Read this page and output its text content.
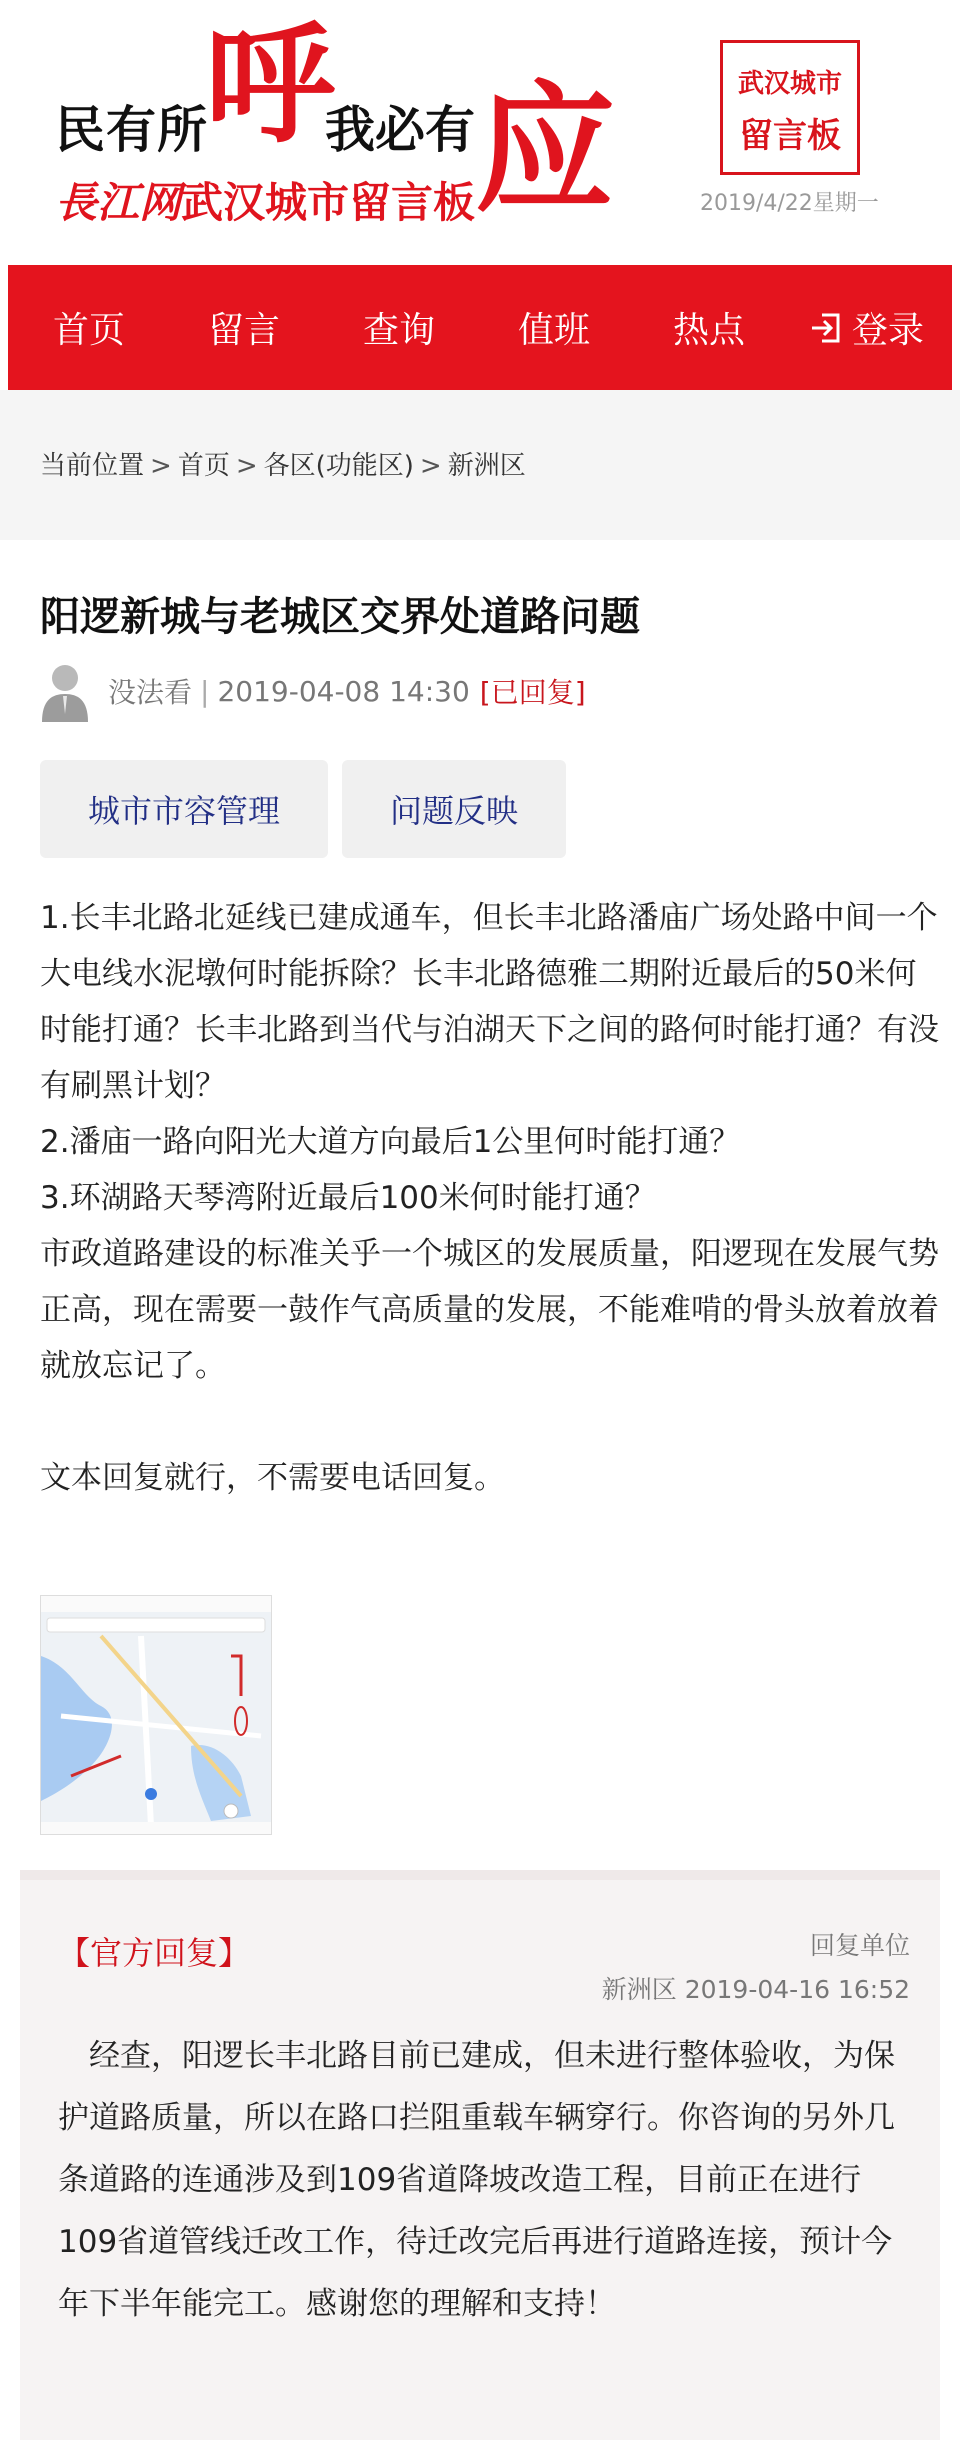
民有所
呼
我必有 应
長江网武汉城市留言板
武汉城市
留言板
2019/4/22星期一
首页 留言 查询 值班 热点	登录
当前位置 > 首页 > 各区(功能区) > 新洲区
阳逻新城与老城区交界处道路问题
没法看 | 2019-04-08 14:30 [已回复]
城市市容管理	问题反映

1.长丰北路北延线已建成通车，但长丰北路潘庙广场处路中间一个大电线水泥墩何时能拆除？长丰北路德雅二期附近最后的50米何时能打通？长丰北路到当代与泊湖天下之间的路何时能打通？有没有刷黑计划？

2.潘庙一路向阳光大道方向最后1公里何时能打通？

3.环湖路天琴湾附近最后100米何时能打通？

市政道路建设的标准关乎一个城区的发展质量，阳逻现在发展气势正高，现在需要一鼓作气高质量的发展，不能难啃的骨头放着放着就放忘记了。

文本回复就行，不需要电话回复。

【官方回复】	回复单位
新洲区 2019-04-16 16:52
　经查，阳逻长丰北路目前已建成，但未进行整体验收，为保护道路质量，所以在路口拦阻重载车辆穿行。你咨询的另外几条道路的连通涉及到109省道降坡改造工程，目前正在进行109省道管线迁改工作，待迁改完后再进行道路连接，预计今年下半年能完工。感谢您的理解和支持！
